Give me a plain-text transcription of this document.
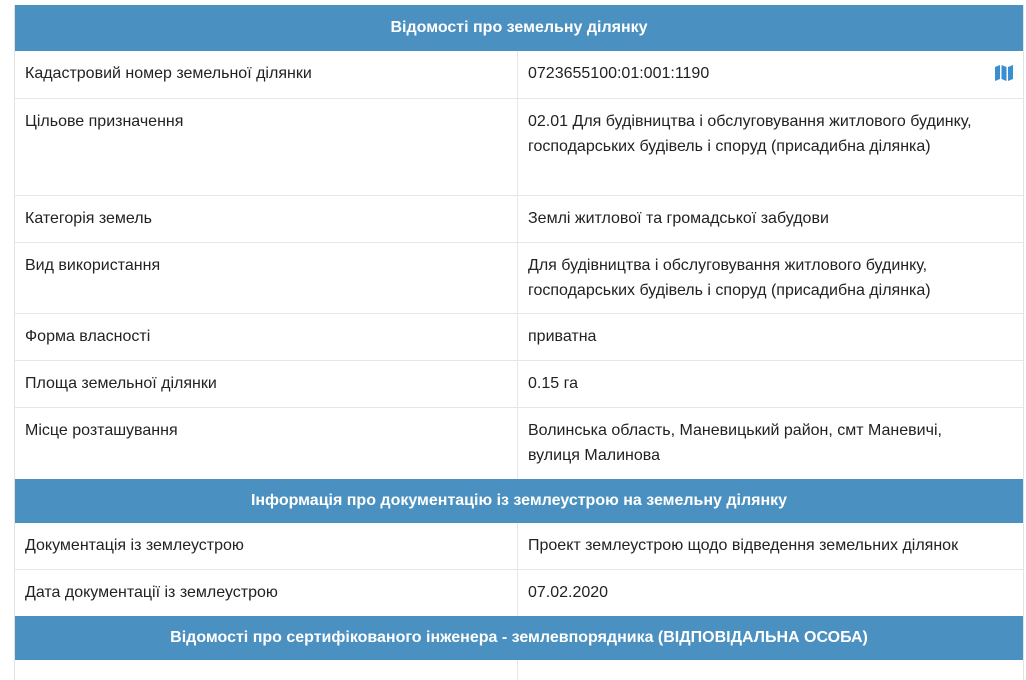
Відомості про земельну ділянку
Кадастровий номер земельної ділянки	0723655100:01:001:1190
Цільове призначення	02.01 Для будівництва і обслуговування житлового будинку, господарських будівель і споруд (присадибна ділянка)
Категорія земель	Землі житлової та громадської забудови
Вид використання	Для будівництва і обслуговування житлового будинку, господарських будівель і споруд (присадибна ділянка)
Форма власності	приватна
Площа земельної ділянки	0.15 га
Місце розташування	Волинська область, Маневицький район, смт Маневичі, вулиця Малинова
Інформація про документацію із землеустрою на земельну ділянку
Документація із землеустрою	Проект землеустрою щодо відведення земельних ділянок
Дата документації із землеустрою	07.02.2020
Відомості про сертифікованого інженера - землевпорядника (ВІДПОВІДАЛЬНА ОСОБА)
